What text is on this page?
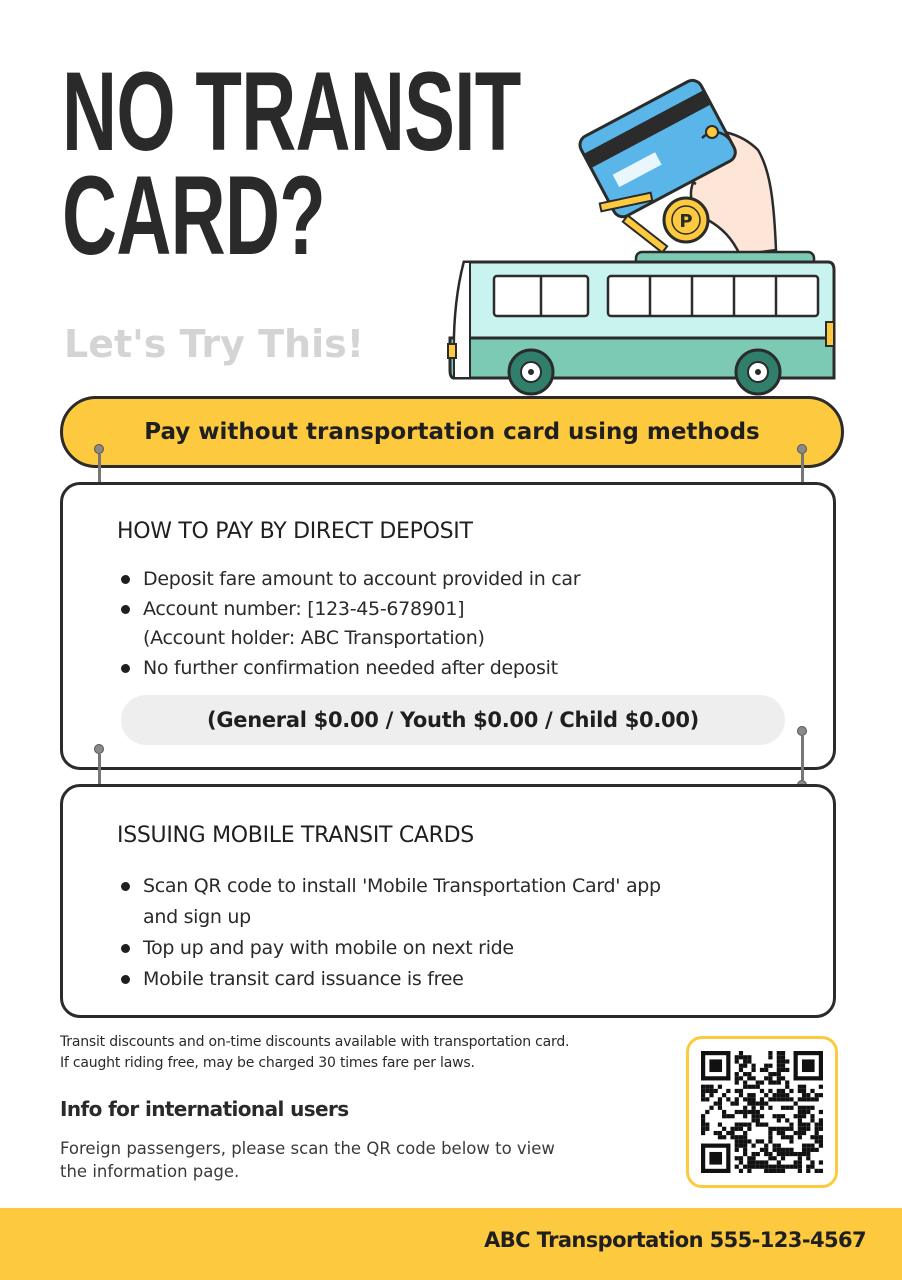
NO TRANSIT
CARD?

Let's Try This!

P
Pay without transportation card using methods
HOW TO PAY BY DIRECT DEPOSIT
Deposit fare amount to account provided in car
Account number: [123-45-678901]
(Account holder: ABC Transportation)
No further confirmation needed after deposit
(General $0.00 / Youth $0.00 / Child $0.00)
ISSUING MOBILE TRANSIT CARDS
Scan QR code to install 'Mobile Transportation Card' app
and sign up
Top up and pay with mobile on next ride
Mobile transit card issuance is free
Transit discounts and on-time discounts available with transportation card.
If caught riding free, may be charged 30 times fare per laws.
Info for international users
Foreign passengers, please scan the QR code below to view
the information page.
ABC Transportation 555-123-4567
